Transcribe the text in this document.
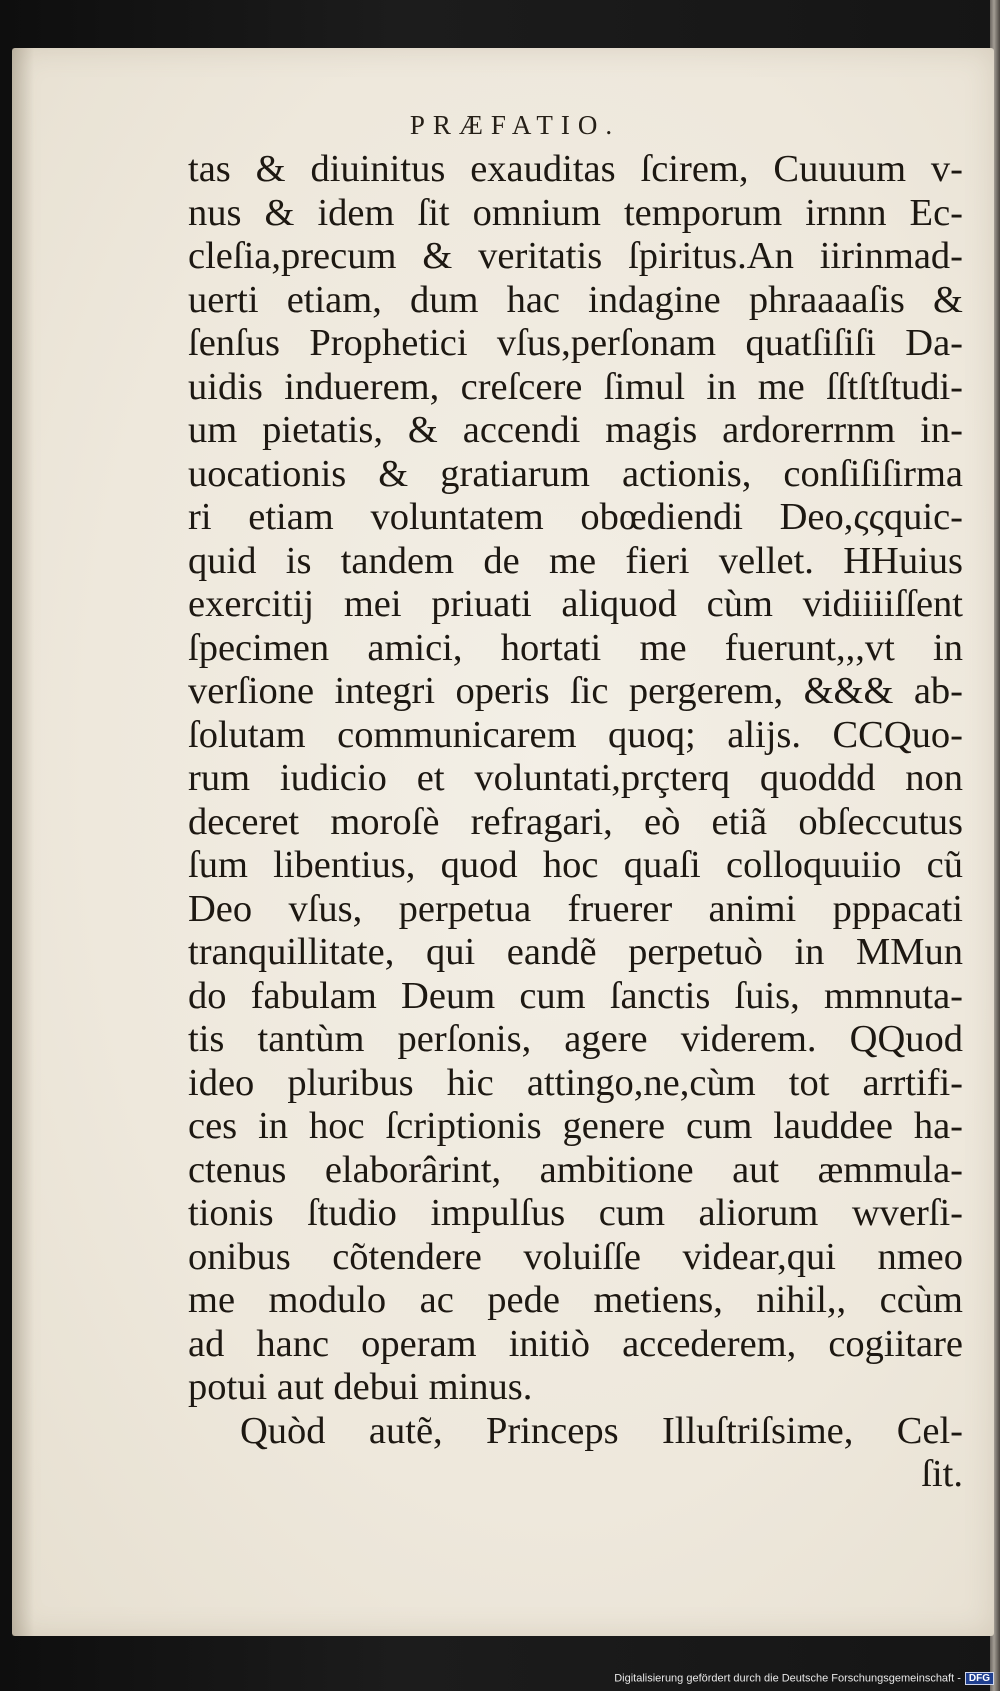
PRÆFATIO.
tas & diuinitus exauditas ſcirem, Cuuuum v-
nus & idem ſit omnium temporum irnnn Ec-
cleſia,precum & veritatis ſpiritus.An iirinmad-
uerti etiam, dum hac indagine phraaaaſis &
ſenſus Prophetici vſus,perſonam quatſiſiſi Da-
uidis induerem, creſcere ſimul in me ſſtſtſtudi-
um pietatis, & accendi magis ardorerrnm in-
uocationis & gratiarum actionis, conſiſiſirma
ri etiam voluntatem obœdiendi Deo,ςςquic-
quid is tandem de me fieri vellet. HHuius
exercitij mei priuati aliquod cùm vidiiiiſſent
ſpecimen amici, hortati me fuerunt,,,vt in
verſione integri operis ſic pergerem, &&& ab-
ſolutam communicarem quoq; alijs. CCQuo-
rum iudicio et voluntati,prçterq quoddd non
deceret moroſè refragari, eò etiã obſeccutus
ſum libentius, quod hoc quaſi colloquuiio cũ
Deo vſus, perpetua fruerer animi pppacati
tranquillitate, qui eandẽ perpetuò in MMun
do fabulam Deum cum ſanctis ſuis, mmnuta-
tis tantùm perſonis, agere viderem. QQuod
ideo pluribus hic attingo,ne,cùm tot arrtifi-
ces in hoc ſcriptionis genere cum lauddee ha-
ctenus elaborârint, ambitione aut æmmula-
tionis ſtudio impulſus cum aliorum wverſi-
onibus cõtendere voluiſſe videar,qui nmeo
me modulo ac pede metiens, nihil,, ccùm
ad hanc operam initiò accederem, cogiitare
potui aut debui minus.
Quòd autẽ, Princeps Illuſtriſsime, Cel-
ſit.
Digitalisierung gefördert durch die Deutsche Forschungsgemeinschaft - DFG
